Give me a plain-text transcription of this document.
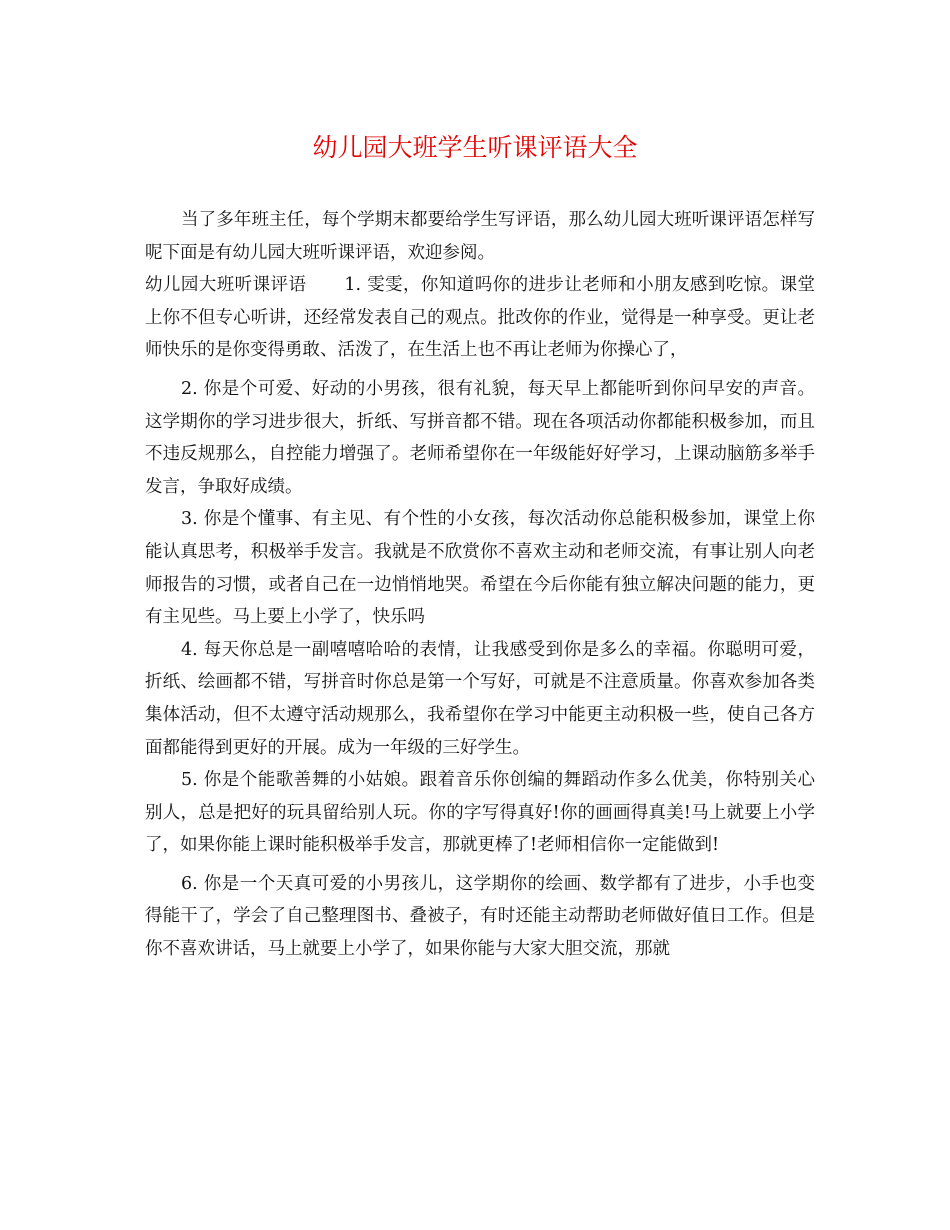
幼儿园大班学生听课评语大全

当了多年班主任，每个学期末都要给学生写评语，那么幼儿园大班听课评语怎样写呢下面是有幼儿园大班听课评语，欢迎参阅。

幼儿园大班听课评语 1. 雯雯，你知道吗你的进步让老师和小朋友感到吃惊。课堂上你不但专心听讲，还经常发表自己的观点。批改你的作业，觉得是一种享受。更让老师快乐的是你变得勇敢、活泼了，在生活上也不再让老师为你操心了，

2. 你是个可爱、好动的小男孩，很有礼貌，每天早上都能听到你问早安的声音。这学期你的学习进步很大，折纸、写拼音都不错。现在各项活动你都能积极参加，而且不违反规那么，自控能力增强了。老师希望你在一年级能好好学习，上课动脑筋多举手发言，争取好成绩。

3. 你是个懂事、有主见、有个性的小女孩，每次活动你总能积极参加，课堂上你能认真思考，积极举手发言。我就是不欣赏你不喜欢主动和老师交流，有事让别人向老师报告的习惯，或者自己在一边悄悄地哭。希望在今后你能有独立解决问题的能力，更有主见些。马上要上小学了，快乐吗

4. 每天你总是一副嘻嘻哈哈的表情，让我感受到你是多么的幸福。你聪明可爱，折纸、绘画都不错，写拼音时你总是第一个写好，可就是不注意质量。你喜欢参加各类集体活动，但不太遵守活动规那么，我希望你在学习中能更主动积极一些，使自己各方面都能得到更好的开展。成为一年级的三好学生。

5. 你是个能歌善舞的小姑娘。跟着音乐你创编的舞蹈动作多么优美，你特别关心别人，总是把好的玩具留给别人玩。你的字写得真好!你的画画得真美!马上就要上小学了，如果你能上课时能积极举手发言，那就更棒了!老师相信你一定能做到!

6. 你是一个天真可爱的小男孩儿，这学期你的绘画、数学都有了进步，小手也变得能干了，学会了自己整理图书、叠被子，有时还能主动帮助老师做好值日工作。但是你不喜欢讲话，马上就要上小学了，如果你能与大家大胆交流，那就
